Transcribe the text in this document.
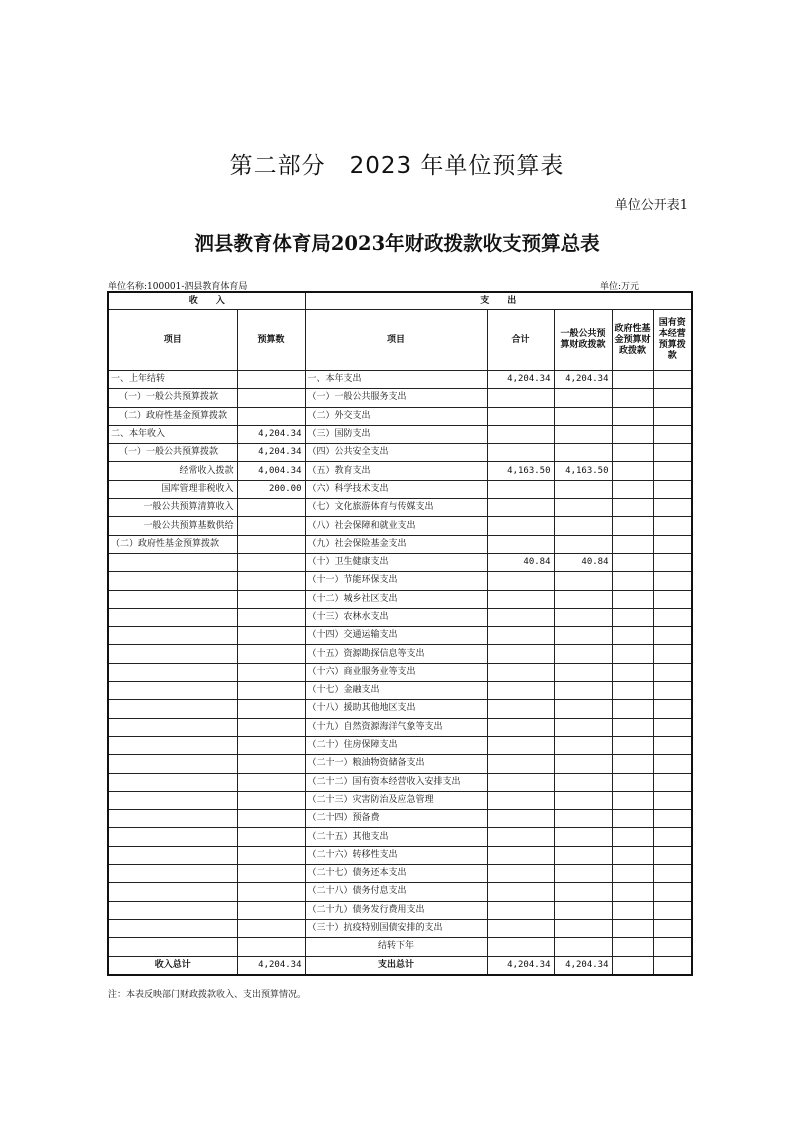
第二部分　2023 年单位预算表
单位公开表1
泗县教育体育局2023年财政拨款收支预算总表
单位名称:100001-泗县教育体育局	单位:万元
收　　入		支　　出				
项目	预算数	项目	合计	一般公共预算财政拨款	政府性基金预算财政拨款	国有资本经营预算拨款
一、上年结转		一、本年支出	4,204.34	4,204.34		
（一）一般公共预算拨款		（一）一般公共服务支出				
（二）政府性基金预算拨款		（二）外交支出				
二、本年收入	4,204.34	（三）国防支出				
（一）一般公共预算拨款	4,204.34	（四）公共安全支出				
经常收入拨款	4,004.34	（五）教育支出	4,163.50	4,163.50		
国库管理非税收入	200.00	（六）科学技术支出				
一般公共预算清算收入		（七）文化旅游体育与传媒支出				
一般公共预算基数供给		（八）社会保障和就业支出				
（二）政府性基金预算拨款		（九）社会保险基金支出				
		（十）卫生健康支出	40.84	40.84		
		（十一）节能环保支出				
		（十二）城乡社区支出				
		（十三）农林水支出				
		（十四）交通运输支出				
		（十五）资源勘探信息等支出				
		（十六）商业服务业等支出				
		（十七）金融支出				
		（十八）援助其他地区支出				
		（十九）自然资源海洋气象等支出				
		（二十）住房保障支出				
		（二十一）粮油物资储备支出				
		（二十二）国有资本经营收入安排支出				
		（二十三）灾害防治及应急管理				
		（二十四）预备费				
		（二十五）其他支出				
		（二十六）转移性支出				
		（二十七）债务还本支出				
		（二十八）债务付息支出				
		（二十九）债务发行费用支出				
		（三十）抗疫特别国债安排的支出				
		结转下年				
收入总计	4,204.34	支出总计	4,204.34	4,204.34		
注：本表反映部门财政拨款收入、支出预算情况。
